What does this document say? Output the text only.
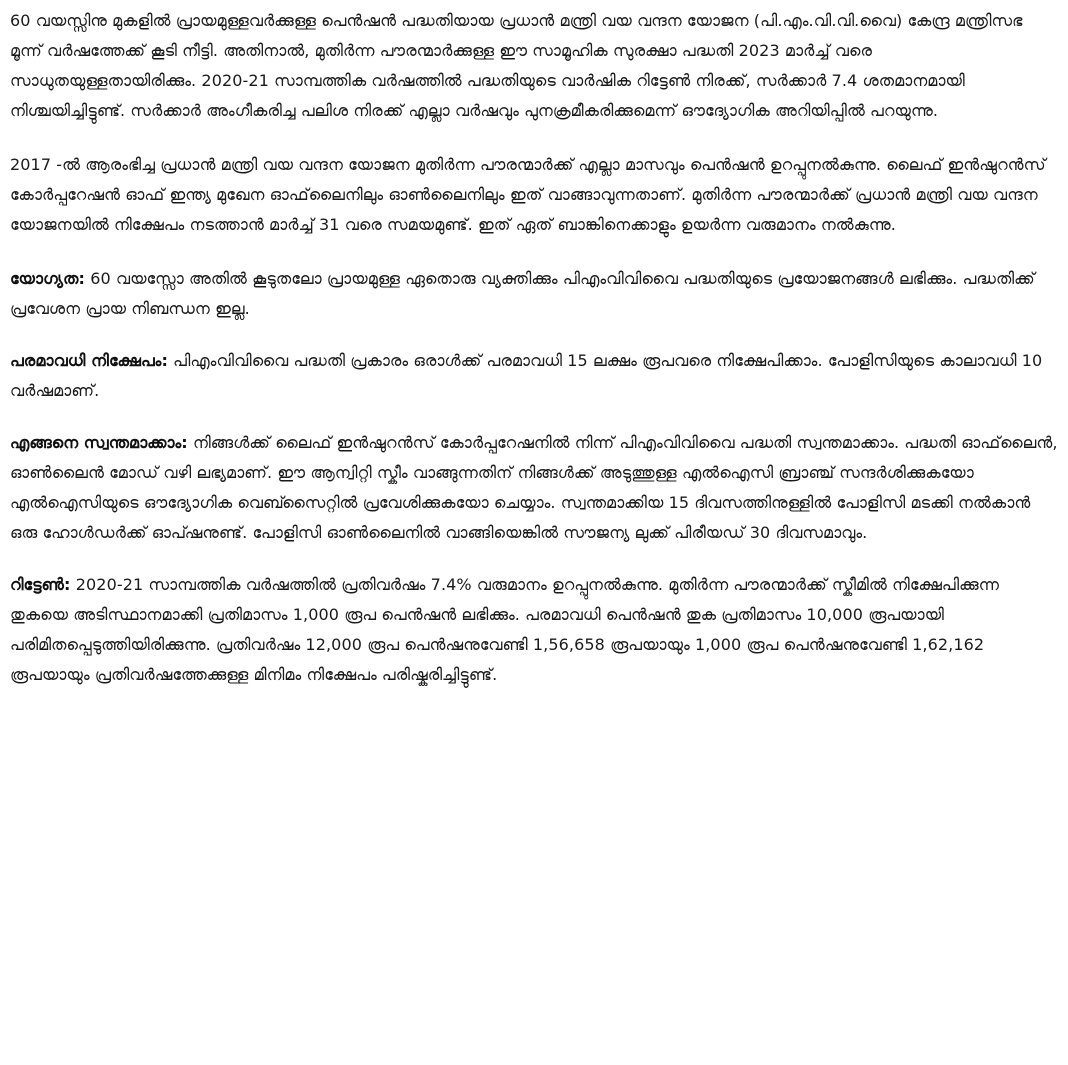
60 വയസ്സിനു മുകളിൽ പ്രായമുള്ളവർക്കുള്ള പെൻഷൻ പദ്ധതിയായ പ്രധാൻ മന്ത്രി വയ വന്ദന യോജന (പി.എം.വി.വി.വൈ) കേന്ദ്ര മന്ത്രിസഭ മൂന്ന് വർഷത്തേക്ക് കൂടി നീട്ടി. അതിനാൽ, മുതിർന്ന പൗരന്മാർക്കുള്ള ഈ സാമൂഹിക സുരക്ഷാ പദ്ധതി 2023 മാർച്ച് വരെ സാധുതയുള്ളതായിരിക്കും. 2020-21 സാമ്പത്തിക വർഷത്തിൽ പദ്ധതിയുടെ വാർഷിക റിട്ടേൺ നിരക്ക്, സർക്കാർ 7.4 ശതമാനമായി നിശ്ചയിച്ചിട്ടുണ്ട്. സർക്കാർ അംഗീകരിച്ച പലിശ നിരക്ക് എല്ലാ വർഷവും പുനക്രമീകരിക്കുമെന്ന് ഔദ്യോഗിക അറിയിപ്പിൽ പറയുന്നു.

2017 -ൽ ആരംഭിച്ച പ്രധാൻ മന്ത്രി വയ വന്ദന യോജന മുതിർന്ന പൗരന്മാർക്ക് എല്ലാ മാസവും പെൻഷൻ ഉറപ്പുനൽകുന്നു. ലൈഫ് ഇൻഷുറൻസ് കോർപ്പറേഷൻ ഓഫ് ഇന്ത്യ മുഖേന ഓഫ്‌ലൈനിലും ഓൺലൈനിലും ഇത് വാങ്ങാവുന്നതാണ്. മുതിർന്ന പൗരന്മാർക്ക് പ്രധാൻ മന്ത്രി വയ വന്ദന യോജനയിൽ നിക്ഷേപം നടത്താൻ മാർച്ച് 31 വരെ സമയമുണ്ട്. ഇത് ഏത് ബാങ്കിനെക്കാളും ഉയർന്ന വരുമാനം നൽകുന്നു.

യോഗ്യത: 60 വയസ്സോ അതിൽ കൂടുതലോ പ്രായമുള്ള ഏതൊരു വ്യക്തിക്കും പിഎംവിവിവൈ പദ്ധതിയുടെ പ്രയോജനങ്ങൾ ലഭിക്കും. പദ്ധതിക്ക് പ്രവേശന പ്രായ നിബന്ധന ഇല്ല.

പരമാവധി നിക്ഷേപം: പിഎംവിവിവൈ പദ്ധതി പ്രകാരം ഒരാൾക്ക് പരമാവധി 15 ലക്ഷം രൂപവരെ നിക്ഷേപിക്കാം. പോളിസിയുടെ കാലാവധി 10 വർഷമാണ്.

എങ്ങനെ സ്വന്തമാക്കാം: നിങ്ങൾക്ക് ലൈഫ് ഇൻഷുറൻസ് കോർപ്പറേഷനിൽ നിന്ന് പിഎംവിവിവൈ പദ്ധതി സ്വന്തമാക്കാം. പദ്ധതി ഓഫ്‌ലൈൻ, ഓൺലൈൻ മോഡ് വഴി ലഭ്യമാണ്. ഈ ആന്വിറ്റി സ്കീം വാങ്ങുന്നതിന് നിങ്ങൾക്ക് അടുത്തുള്ള എൽഐസി ബ്രാഞ്ച് സന്ദർശിക്കുകയോ എൽഐസിയുടെ ഔദ്യോഗിക വെബ്സൈറ്റിൽ പ്രവേശിക്കുകയോ ചെയ്യാം. സ്വന്തമാക്കിയ 15 ദിവസത്തിനുള്ളിൽ പോളിസി മടക്കി നൽകാൻ ഒരു ഹോൾഡർക്ക് ഓപ്ഷനുണ്ട്. പോളിസി ഓൺലൈനിൽ വാങ്ങിയെങ്കിൽ സൗജന്യ ലുക്ക് പിരീയഡ് 30 ദിവസമാവും.

റിട്ടേൺ: 2020-21 സാമ്പത്തിക വർഷത്തിൽ പ്രതിവർഷം 7.4% വരുമാനം ഉറപ്പുനൽകുന്നു. മുതിർന്ന പൗരന്മാർക്ക് സ്കീമിൽ നിക്ഷേപിക്കുന്ന തുകയെ അടിസ്ഥാനമാക്കി പ്രതിമാസം 1,000 രൂപ പെൻഷൻ ലഭിക്കും. പരമാവധി പെൻഷൻ തുക പ്രതിമാസം 10,000 രൂപയായി പരിമിതപ്പെടുത്തിയിരിക്കുന്നു. പ്രതിവർഷം 12,000 രൂപ പെൻഷനുവേണ്ടി 1,56,658 രൂപയായും 1,000 രൂപ പെൻഷനുവേണ്ടി 1,62,162 രൂപയായും പ്രതിവർഷത്തേക്കുള്ള മിനിമം നിക്ഷേപം പരിഷ്കരിച്ചിട്ടുണ്ട്.
